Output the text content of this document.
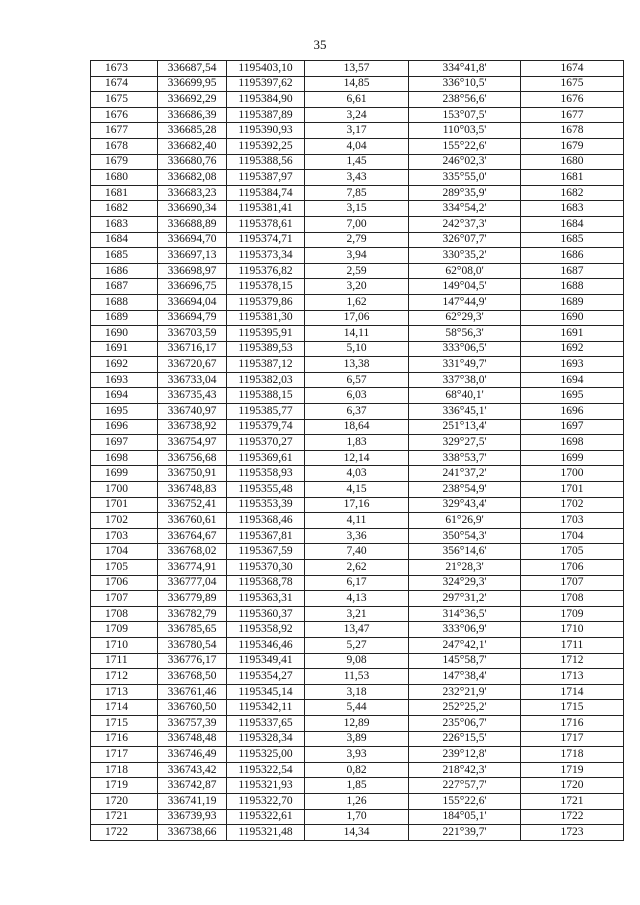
35
1673	336687,54	1195403,10	13,57	334°41,8'	1674
1674	336699,95	1195397,62	14,85	336°10,5'	1675
1675	336692,29	1195384,90	6,61	238°56,6'	1676
1676	336686,39	1195387,89	3,24	153°07,5'	1677
1677	336685,28	1195390,93	3,17	110°03,5'	1678
1678	336682,40	1195392,25	4,04	155°22,6'	1679
1679	336680,76	1195388,56	1,45	246°02,3'	1680
1680	336682,08	1195387,97	3,43	335°55,0'	1681
1681	336683,23	1195384,74	7,85	289°35,9'	1682
1682	336690,34	1195381,41	3,15	334°54,2'	1683
1683	336688,89	1195378,61	7,00	242°37,3'	1684
1684	336694,70	1195374,71	2,79	326°07,7'	1685
1685	336697,13	1195373,34	3,94	330°35,2'	1686
1686	336698,97	1195376,82	2,59	62°08,0'	1687
1687	336696,75	1195378,15	3,20	149°04,5'	1688
1688	336694,04	1195379,86	1,62	147°44,9'	1689
1689	336694,79	1195381,30	17,06	62°29,3'	1690
1690	336703,59	1195395,91	14,11	58°56,3'	1691
1691	336716,17	1195389,53	5,10	333°06,5'	1692
1692	336720,67	1195387,12	13,38	331°49,7'	1693
1693	336733,04	1195382,03	6,57	337°38,0'	1694
1694	336735,43	1195388,15	6,03	68°40,1'	1695
1695	336740,97	1195385,77	6,37	336°45,1'	1696
1696	336738,92	1195379,74	18,64	251°13,4'	1697
1697	336754,97	1195370,27	1,83	329°27,5'	1698
1698	336756,68	1195369,61	12,14	338°53,7'	1699
1699	336750,91	1195358,93	4,03	241°37,2'	1700
1700	336748,83	1195355,48	4,15	238°54,9'	1701
1701	336752,41	1195353,39	17,16	329°43,4'	1702
1702	336760,61	1195368,46	4,11	61°26,9'	1703
1703	336764,67	1195367,81	3,36	350°54,3'	1704
1704	336768,02	1195367,59	7,40	356°14,6'	1705
1705	336774,91	1195370,30	2,62	21°28,3'	1706
1706	336777,04	1195368,78	6,17	324°29,3'	1707
1707	336779,89	1195363,31	4,13	297°31,2'	1708
1708	336782,79	1195360,37	3,21	314°36,5'	1709
1709	336785,65	1195358,92	13,47	333°06,9'	1710
1710	336780,54	1195346,46	5,27	247°42,1'	1711
1711	336776,17	1195349,41	9,08	145°58,7'	1712
1712	336768,50	1195354,27	11,53	147°38,4'	1713
1713	336761,46	1195345,14	3,18	232°21,9'	1714
1714	336760,50	1195342,11	5,44	252°25,2'	1715
1715	336757,39	1195337,65	12,89	235°06,7'	1716
1716	336748,48	1195328,34	3,89	226°15,5'	1717
1717	336746,49	1195325,00	3,93	239°12,8'	1718
1718	336743,42	1195322,54	0,82	218°42,3'	1719
1719	336742,87	1195321,93	1,85	227°57,7'	1720
1720	336741,19	1195322,70	1,26	155°22,6'	1721
1721	336739,93	1195322,61	1,70	184°05,1'	1722
1722	336738,66	1195321,48	14,34	221°39,7'	1723
